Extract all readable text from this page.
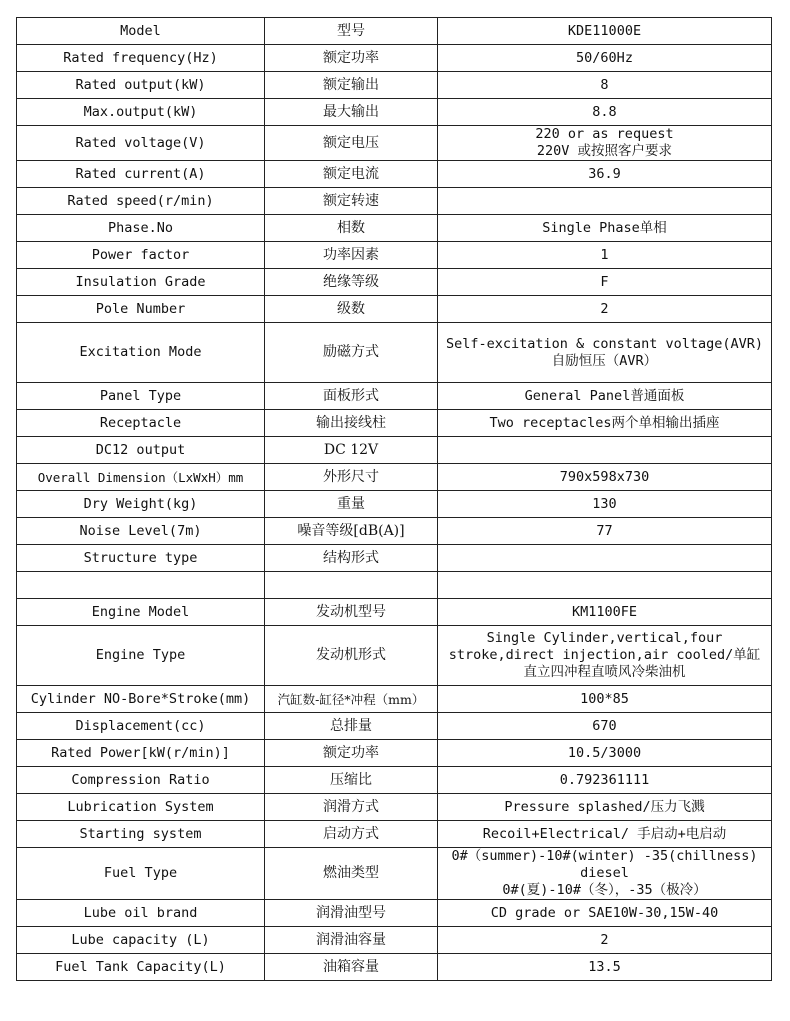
Model	型号	KDE11000E
Rated frequency(Hz)	额定功率	50/60Hz
Rated output(kW)	额定输出	8
Max.output(kW)	最大输出	8.8
Rated voltage(V)	额定电压	220 or as request
220V 或按照客户要求
Rated current(A)	额定电流	36.9
Rated speed(r/min)	额定转速	
Phase.No	相数	Single Phase单相
Power factor	功率因素	1
Insulation Grade	绝缘等级	F
Pole Number	级数	2
Excitation Mode	励磁方式	Self-excitation & constant voltage(AVR)
自励恒压（AVR）
Panel Type	面板形式	General Panel普通面板
Receptacle	输出接线柱	Two receptacles两个单相输出插座
DC12 output	DC 12V	
Overall Dimension（LxWxH）mm	外形尺寸	790x598x730
Dry Weight(kg)	重量	130
Noise Level(7m)	噪音等级[dB(A)]	77
Structure type	结构形式	

Engine Model	发动机型号	KM1100FE
Engine Type	发动机形式	Single Cylinder,vertical,four
stroke,direct injection,air cooled/单缸
直立四冲程直喷风冷柴油机
Cylinder NO-Bore*Stroke(mm)	汽缸数-缸径*冲程（mm）	100*85
Displacement(cc)	总排量	670
Rated Power[kW(r/min)]	额定功率	10.5/3000
Compression Ratio	压缩比	0.792361111
Lubrication System	润滑方式	Pressure splashed/压力飞溅
Starting system	启动方式	Recoil+Electrical/ 手启动+电启动
Fuel Type	燃油类型	0#（summer)-10#(winter) -35(chillness)
diesel
0#(夏)-10#（冬），-35（极冷）
Lube oil brand	润滑油型号	CD grade or SAE10W-30,15W-40
Lube capacity (L)	润滑油容量	2
Fuel Tank Capacity(L)	油箱容量	13.5
